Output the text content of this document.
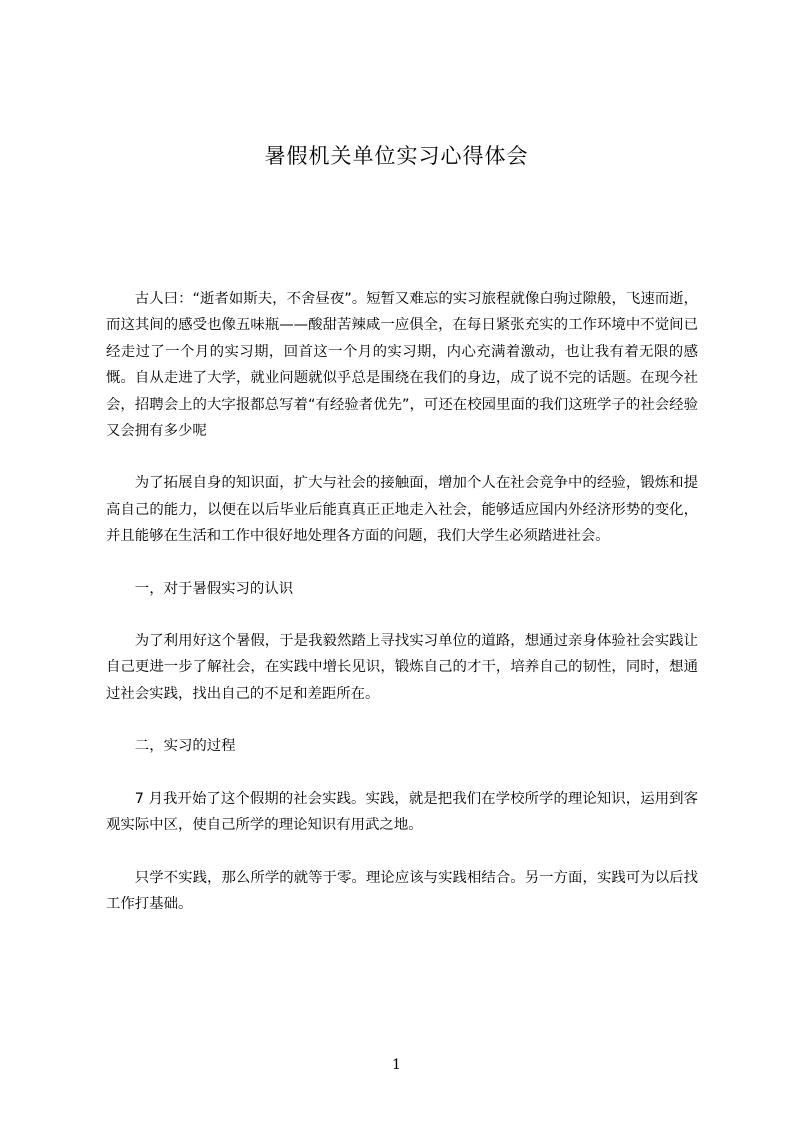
暑假机关单位实习心得体会

古人曰：“逝者如斯夫，不舍昼夜”。短暂又难忘的实习旅程就像白驹过隙般，飞速而逝，而这其间的感受也像五味瓶——酸甜苦辣咸一应俱全，在每日紧张充实的工作环境中不觉间已经走过了一个月的实习期，回首这一个月的实习期，内心充满着激动，也让我有着无限的感慨。自从走进了大学，就业问题就似乎总是围绕在我们的身边，成了说不完的话题。在现今社会，招聘会上的大字报都总写着“有经验者优先”，可还在校园里面的我们这班学子的社会经验又会拥有多少呢

为了拓展自身的知识面，扩大与社会的接触面，增加个人在社会竞争中的经验，锻炼和提高自己的能力，以便在以后毕业后能真真正正地走入社会，能够适应国内外经济形势的变化，并且能够在生活和工作中很好地处理各方面的问题，我们大学生必须踏进社会。

一，对于暑假实习的认识

为了利用好这个暑假，于是我毅然踏上寻找实习单位的道路，想通过亲身体验社会实践让自己更进一步了解社会，在实践中增长见识，锻炼自己的才干，培养自己的韧性，同时，想通过社会实践，找出自己的不足和差距所在。

二，实习的过程

7 月我开始了这个假期的社会实践。实践，就是把我们在学校所学的理论知识，运用到客观实际中区，使自己所学的理论知识有用武之地。

只学不实践，那么所学的就等于零。理论应该与实践相结合。另一方面，实践可为以后找工作打基础。

1
